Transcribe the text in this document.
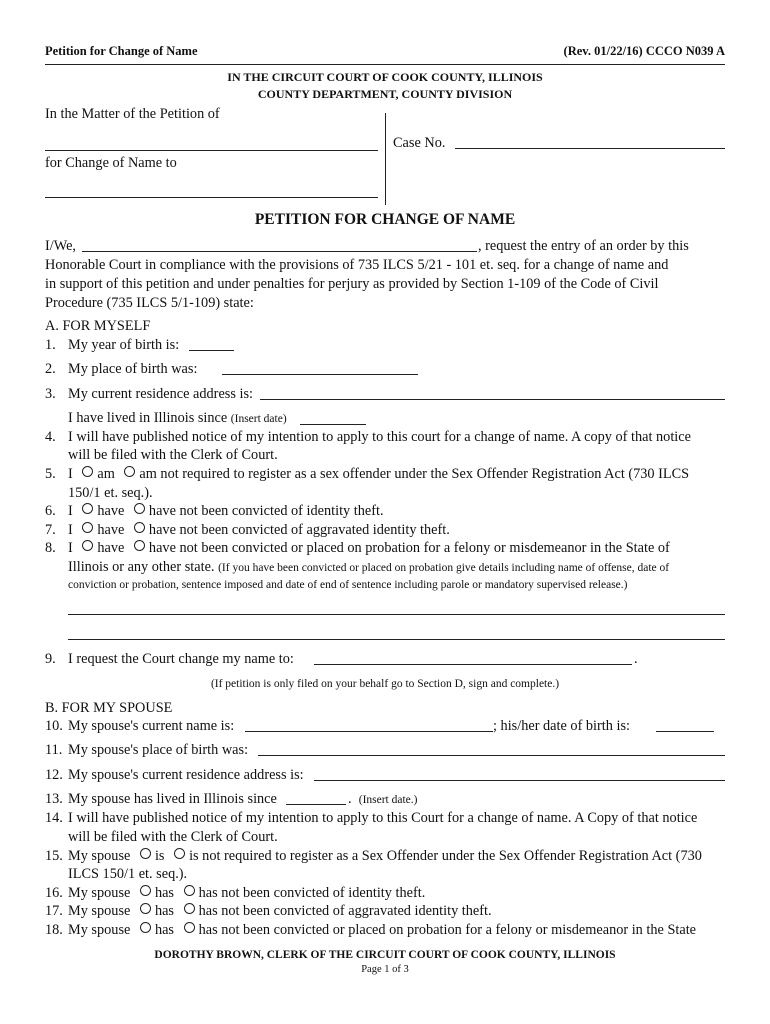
Petition for Change of Name	(Rev. 01/22/16) CCCO N039 A
IN THE CIRCUIT COURT OF COOK COUNTY, ILLINOIS
COUNTY DEPARTMENT, COUNTY DIVISION
In the Matter of the Petition of
for Change of Name to
Case No.
PETITION FOR CHANGE OF NAME
I/We,	, request the entry of an order by this
Honorable Court in compliance with the provisions of 735 ILCS 5/21 - 101 et. seq. for a change of name and
in support of this petition and under penalties for perjury as provided by Section 1-109 of the Code of Civil
Procedure (735 ILCS 5/1-109) state:
A. FOR MYSELF
1. My year of birth is:
2. My place of birth was:
3. My current residence address is:
I have lived in Illinois since (Insert date)
4. I will have published notice of my intention to apply to this court for a change of name. A copy of that notice
will be filed with the Clerk of Court.
5. I am am not required to register as a sex offender under the Sex Offender Registration Act (730 ILCS
150/1 et. seq.).
6. I have have not been convicted of identity theft.
7. I have have not been convicted of aggravated identity theft.
8. I have have not been convicted or placed on probation for a felony or misdemeanor in the State of
Illinois or any other state. (If you have been convicted or placed on probation give details including name of offense, date of
conviction or probation, sentence imposed and date of end of sentence including parole or mandatory supervised release.)
9. I request the Court change my name to:	.
(If petition is only filed on your behalf go to Section D, sign and complete.)
B. FOR MY SPOUSE
10. My spouse's current name is:	; his/her date of birth is:
11. My spouse's place of birth was:
12. My spouse's current residence address is:
13. My spouse has lived in Illinois since	.  (Insert date.)
14. I will have published notice of my intention to apply to this Court for a change of name. A Copy of that notice
will be filed with the Clerk of Court.
15. My spouse is is not required to register as a Sex Offender under the Sex Offender Registration Act (730
ILCS 150/1 et. seq.).
16. My spouse has has not been convicted of identity theft.
17. My spouse has has not been convicted of aggravated identity theft.
18. My spouse has has not been convicted or placed on probation for a felony or misdemeanor in the State
DOROTHY BROWN, CLERK OF THE CIRCUIT COURT OF COOK COUNTY, ILLINOIS
Page 1 of 3
